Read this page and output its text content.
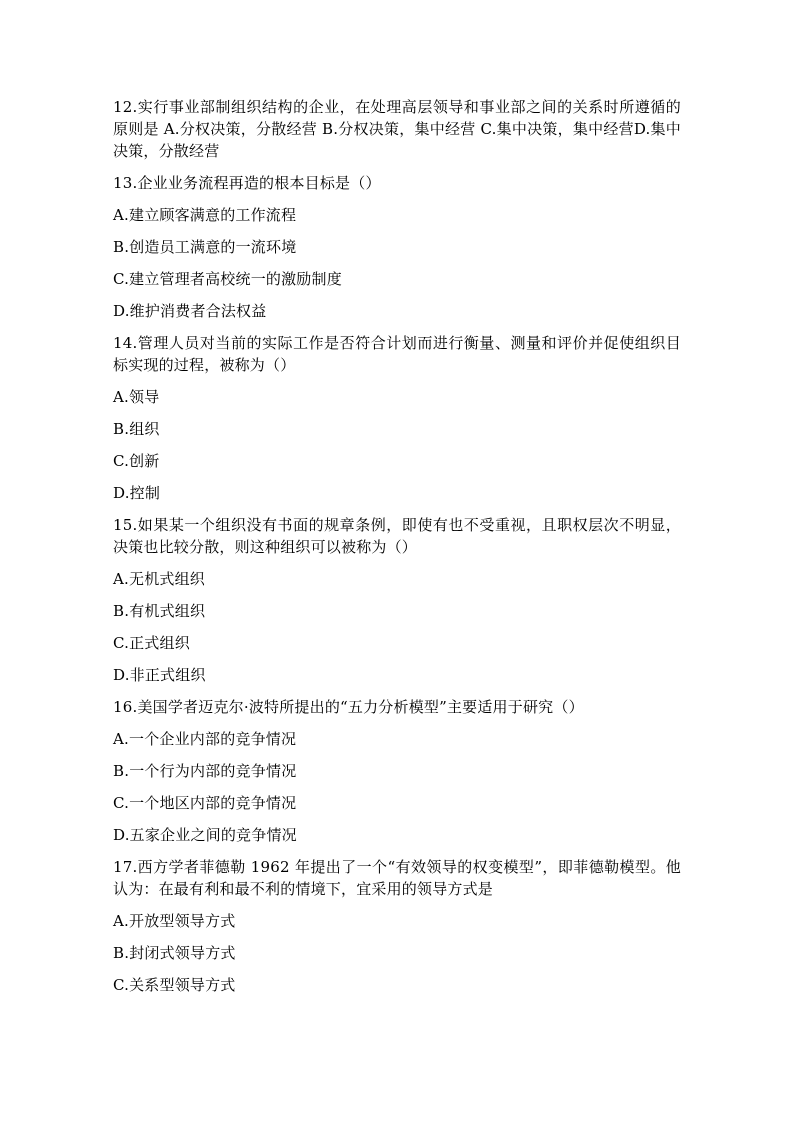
12.实行事业部制组织结构的企业，在处理高层领导和事业部之间的关系时所遵循的原则是 A.分权决策，分散经营 B.分权决策，集中经营 C.集中决策，集中经营D.集中决策，分散经营

13.企业业务流程再造的根本目标是（）

A.建立顾客满意的工作流程

B.创造员工满意的一流环境

C.建立管理者高校统一的激励制度

D.维护消费者合法权益

14.管理人员对当前的实际工作是否符合计划而进行衡量、测量和评价并促使组织目标实现的过程，被称为（）

A.领导

B.组织

C.创新

D.控制

15.如果某一个组织没有书面的规章条例，即使有也不受重视，且职权层次不明显，决策也比较分散，则这种组织可以被称为（）

A.无机式组织

B.有机式组织

C.正式组织

D.非正式组织

16.美国学者迈克尔·波特所提出的“五力分析模型”主要适用于研究（）

A.一个企业内部的竞争情况

B.一个行为内部的竞争情况

C.一个地区内部的竞争情况

D.五家企业之间的竞争情况

17.西方学者菲德勒 1962 年提出了一个“有效领导的权变模型”，即菲德勒模型。他认为：在最有利和最不利的情境下，宜采用的领导方式是

A.开放型领导方式

B.封闭式领导方式

C.关系型领导方式
